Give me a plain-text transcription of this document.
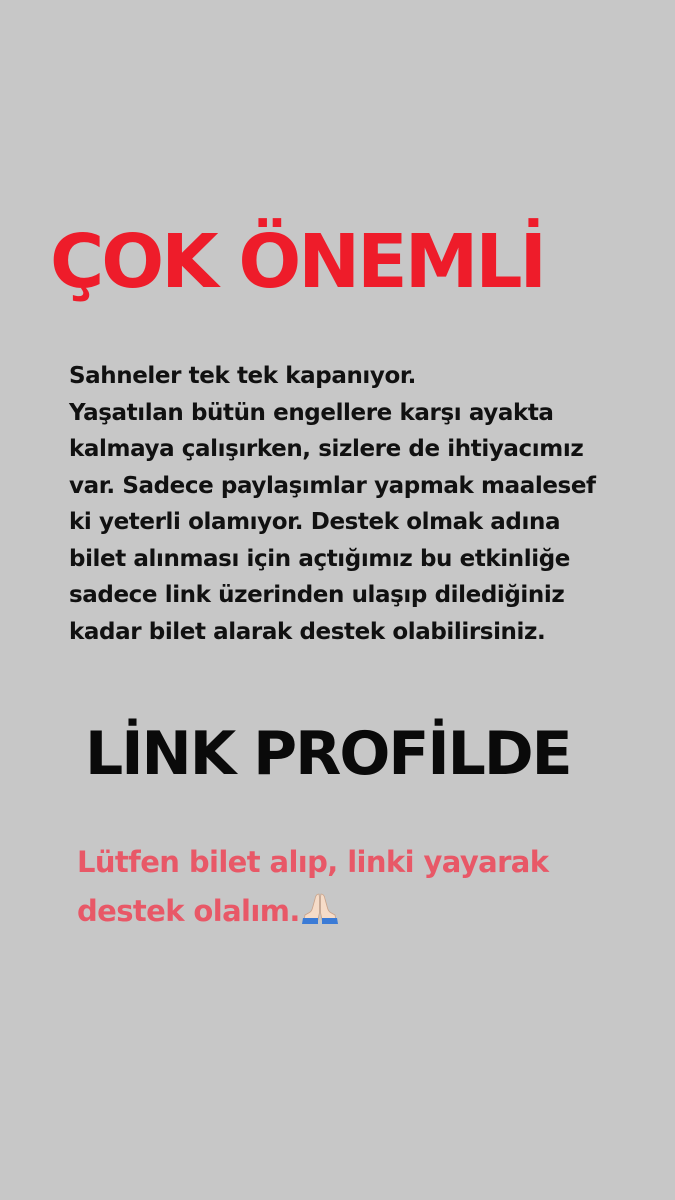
ÇOK ÖNEMLİ

Sahneler tek tek kapanıyor.
Yaşatılan bütün engellere karşı ayakta
kalmaya çalışırken, sizlere de ihtiyacımız
var. Sadece paylaşımlar yapmak maalesef
ki yeterli olamıyor. Destek olmak adına
bilet alınması için açtığımız bu etkinliğe
sadece link üzerinden ulaşıp dilediğiniz
kadar bilet alarak destek olabilirsiniz.

LİNK PROFİLDE

Lütfen bilet alıp, linki yayarak
destek olalım.
